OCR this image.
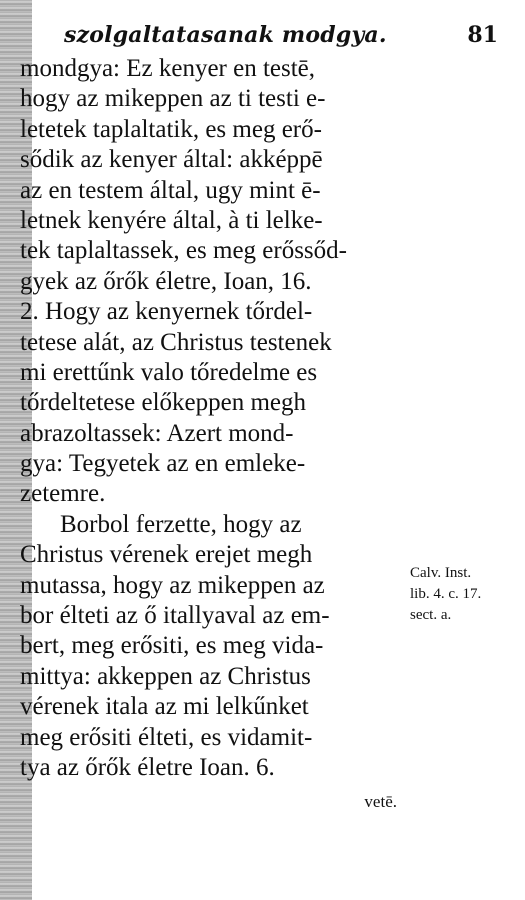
szolgaltatasanak modgya.	81
mondgya: Ez kenyer en testē,
hogy az mikeppen az ti testi e-
letetek taplaltatik, es meg erő-
sődik az kenyer által: akképpē
az en testem által, ugy mint ē-
letnek kenyére által, à ti lelke-
tek taplaltassek, es meg erőssőd-
gyek az őrők életre, Ioan, 16.
2. Hogy az kenyernek tőrdel-
tetese alát, az Christus testenek
mi erettűnk valo tőredelme es
tőrdeltetese előkeppen megh
abrazoltassek: Azert mond-
gya: Tegyetek az en emleke-
zetemre.
Borbol ferzette, hogy az
Christus vérenek erejet megh
mutassa, hogy az mikeppen az
bor élteti az ő itallyaval az em-
bert, meg erősiti, es meg vida-
mittya: akkeppen az Christus
vérenek itala az mi lelkűnket
meg erősiti élteti, es vidamit-
tya az őrők életre Ioan. 6.
vetē.
Calv. Inst.
lib. 4. c. 17.
sect. a.
